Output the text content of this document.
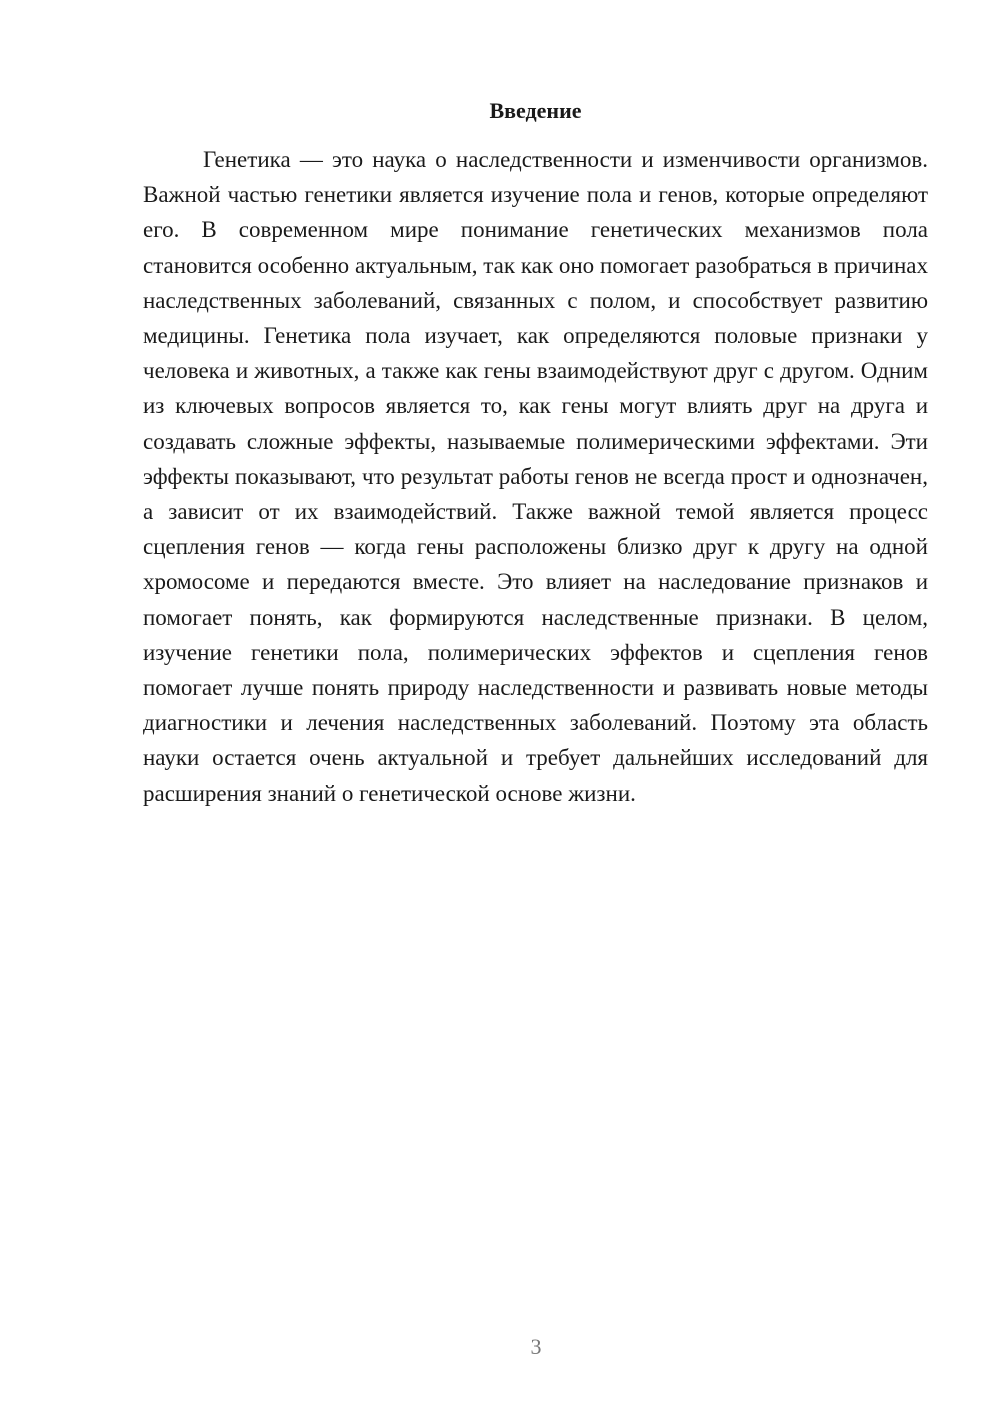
Введение

Генетика — это наука о наследственности и изменчивости организмов. Важной частью генетики является изучение пола и генов, которые определяют его. В современном мире понимание генетических механизмов пола становится особенно актуальным, так как оно помогает разобраться в причинах наследственных заболеваний, связанных с полом, и способствует развитию медицины. Генетика пола изучает, как определяются половые признаки у человека и животных, а также как гены взаимодействуют друг с другом. Одним из ключевых вопросов является то, как гены могут влиять друг на друга и создавать сложные эффекты, называемые полимерическими эффектами. Эти эффекты показывают, что результат работы генов не всегда прост и однозначен, а зависит от их взаимодействий. Также важной темой является процесс сцепления генов — когда гены расположены близко друг к другу на одной хромосоме и передаются вместе. Это влияет на наследование признаков и помогает понять, как формируются наследственные признаки. В целом, изучение генетики пола, полимерических эффектов и сцепления генов помогает лучше понять природу наследственности и развивать новые методы диагностики и лечения наследственных заболеваний. Поэтому эта область науки остается очень актуальной и требует дальнейших исследований для расширения знаний о генетической основе жизни.

3
